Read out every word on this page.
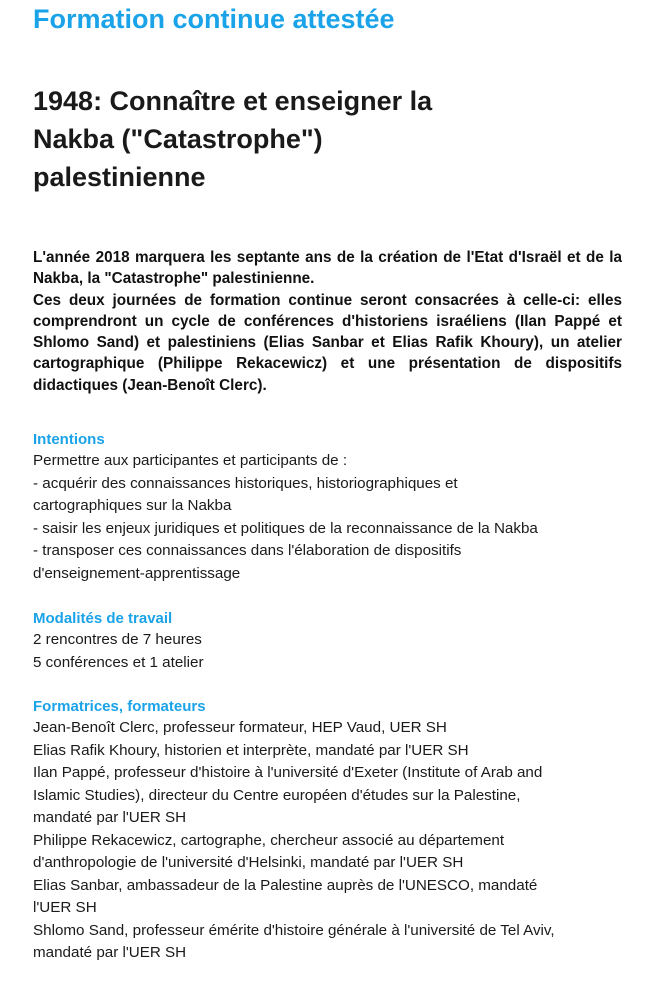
Formation continue attestée
1948: Connaître et enseigner la
Nakba ("Catastrophe")
palestinienne

L'année 2018 marquera les septante ans de la création de l'Etat d'Israël et de la Nakba, la "Catastrophe" palestinienne.

Ces deux journées de formation continue seront consacrées à celle-ci: elles comprendront un cycle de conférences d'historiens israéliens (Ilan Pappé et Shlomo Sand) et palestiniens (Elias Sanbar et Elias Rafik Khoury), un atelier cartographique (Philippe Rekacewicz) et une présentation de dispositifs didactiques (Jean-Benoît Clerc).

Intentions
Permettre aux participantes et participants de :
- acquérir des connaissances historiques, historiographiques et
cartographiques sur la Nakba
- saisir les enjeux juridiques et politiques de la reconnaissance de la Nakba
- transposer ces connaissances dans l'élaboration de dispositifs
d'enseignement-apprentissage
Modalités de travail
2 rencontres de 7 heures
5 conférences et 1 atelier
Formatrices, formateurs
Jean-Benoît Clerc, professeur formateur, HEP Vaud, UER SH
Elias Rafik Khoury, historien et interprète, mandaté par l'UER SH
Ilan Pappé, professeur d'histoire à l'université d'Exeter (Institute of Arab and
Islamic Studies), directeur du Centre européen d'études sur la Palestine,
mandaté par l'UER SH
Philippe Rekacewicz, cartographe, chercheur associé au département
d'anthropologie de l'université d'Helsinki, mandaté par l'UER SH
Elias Sanbar, ambassadeur de la Palestine auprès de l'UNESCO, mandaté
l'UER SH
Shlomo Sand, professeur émérite d'histoire générale à l'université de Tel Aviv,
mandaté par l'UER SH
